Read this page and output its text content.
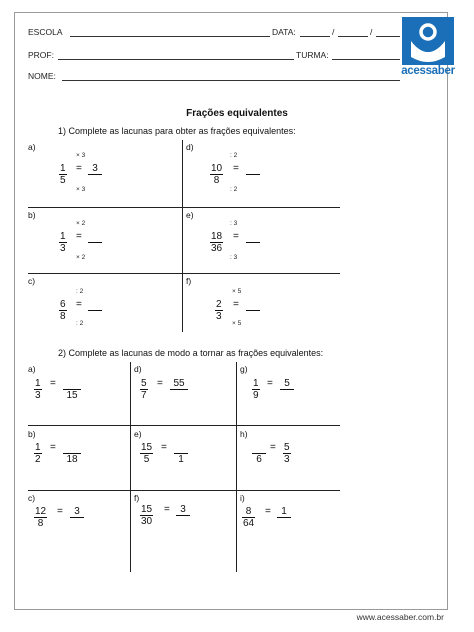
ESCOLA	DATA:	/	/
PROF:	TURMA:
NOME:	acessaber
Frações equivalentes
1) Complete as lacunas para obter as frações equivalentes:
a)
× 3
1
5
= 3

× 3
d)
: 2
10
8
=
: 2
b)
× 2
1
3
=
× 2
e)
: 3
18
36
=
: 3
c)
: 2
6
8
=
: 2
f)
× 5
2
3
=
× 5
2) Complete as lacunas de modo a tornar as frações equivalentes:
a)
1
3
=

15
d)
5
7
= 55

g)
1
9
= 5

b)
1
2
=

18
e)
15
5
=

1
h)

6
= 5
3
c)
12
8
= 3

f)
15
30
= 3

i)
8
64
= 1

www.acessaber.com.br
